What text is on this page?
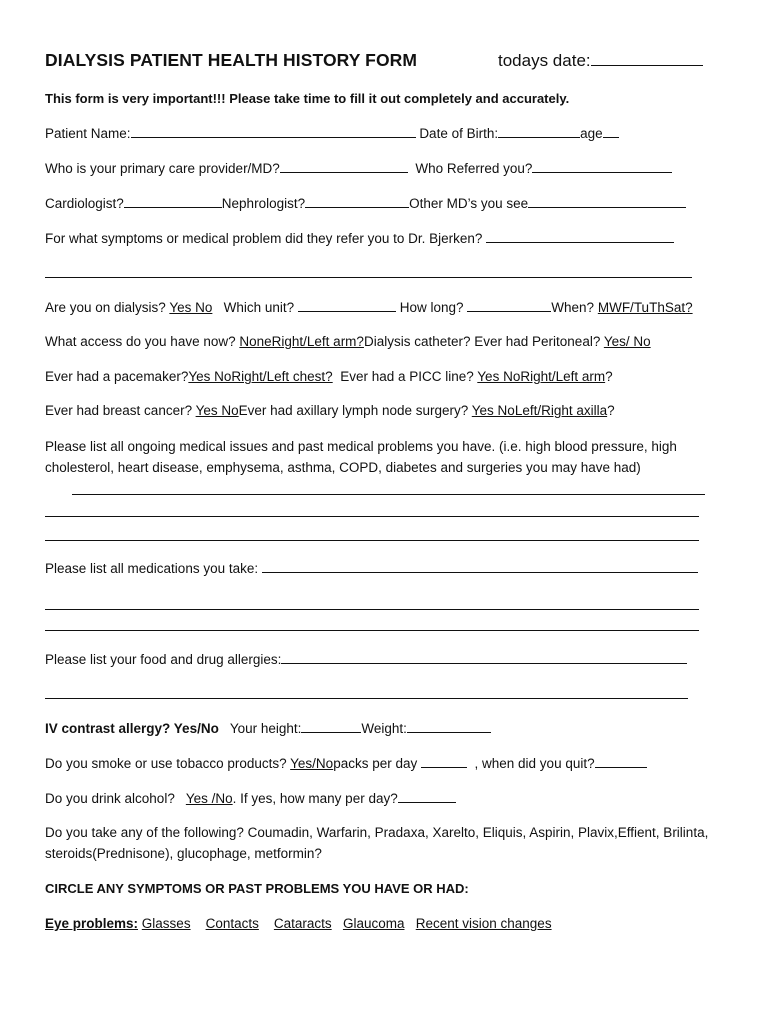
DIALYSIS PATIENT HEALTH HISTORY FORM	todays date:
This form is very important!!! Please take time to fill it out completely and accurately.
Patient Name:	Date of Birth:	age
Who is your primary care provider/MD?	Who Referred you?
Cardiologist?	Nephrologist?	Other MD’s you see
For what symptoms or medical problem did they refer you to Dr. Bjerken?
Are you on dialysis? Yes No Which unit?	How long?	When? MWF/TuThSat?
What access do you have now? NoneRight/Left arm?Dialysis catheter? Ever had Peritoneal? Yes/ No
Ever had a pacemaker?Yes NoRight/Left chest? Ever had a PICC line? Yes NoRight/Left arm?
Ever had breast cancer? Yes NoEver had axillary lymph node surgery? Yes NoLeft/Right axilla?
Please list all ongoing medical issues and past medical problems you have. (i.e. high blood pressure, high cholesterol, heart disease, emphysema, asthma, COPD, diabetes and surgeries you may have had)
Please list all medications you take:
Please list your food and drug allergies:
IV contrast allergy? Yes/No Your height:	Weight:
Do you smoke or use tobacco products? Yes/Nopacks per day	, when did you quit?
Do you drink alcohol? Yes /No. If yes, how many per day?
Do you take any of the following? Coumadin, Warfarin, Pradaxa, Xarelto, Eliquis, Aspirin, Plavix,Effient, Brilinta, steroids(Prednisone), glucophage, metformin?
CIRCLE ANY SYMPTOMS OR PAST PROBLEMS YOU HAVE OR HAD:
Eye problems: Glasses Contacts Cataracts Glaucoma Recent vision changes
